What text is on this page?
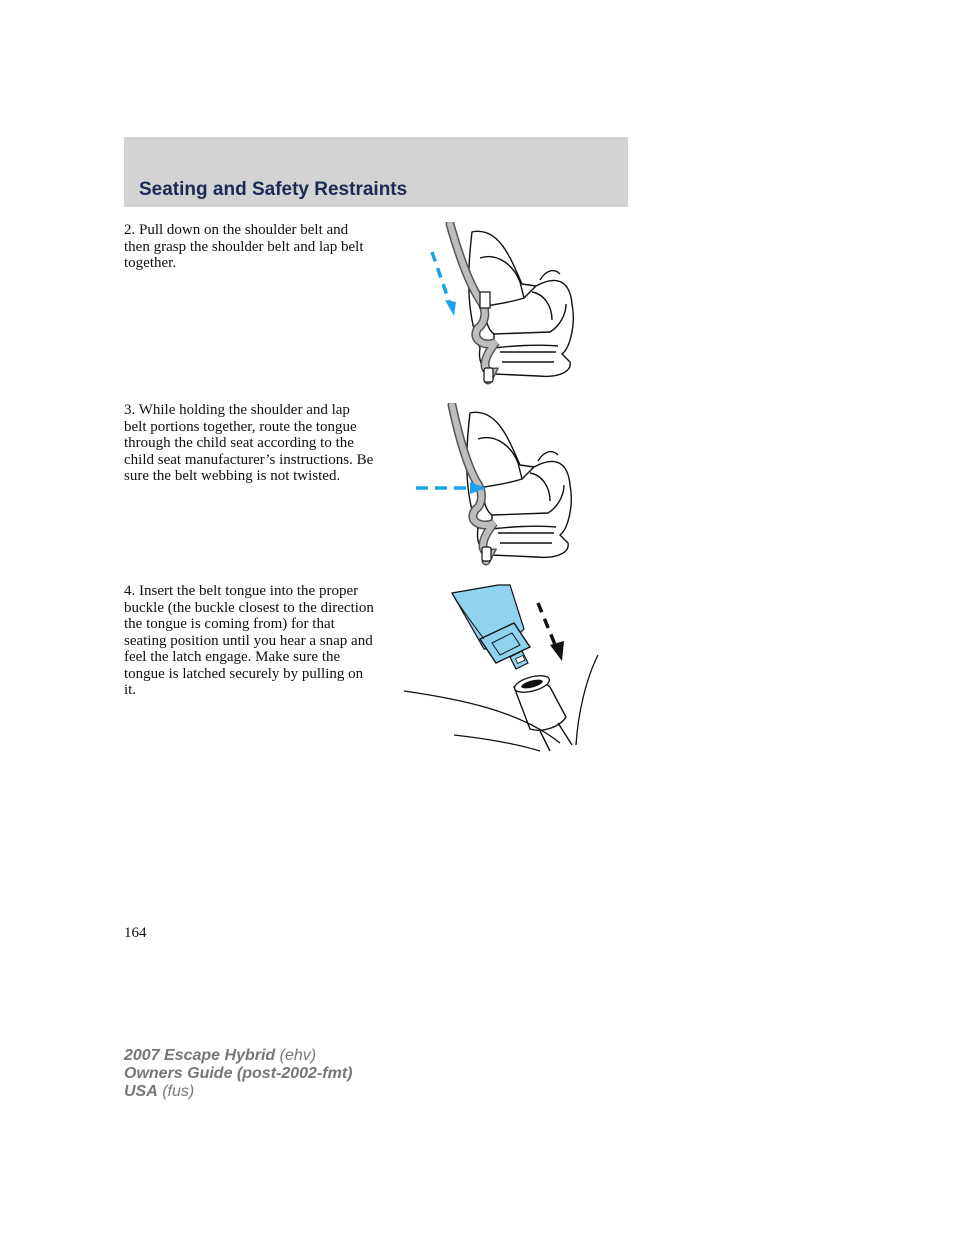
Seating and Safety Restraints

2. Pull down on the shoulder belt and then grasp the shoulder belt and lap belt together.

3. While holding the shoulder and lap belt portions together, route the tongue through the child seat according to the child seat manufacturer’s instructions. Be sure the belt webbing is not twisted.

4. Insert the belt tongue into the proper buckle (the buckle closest to the direction the tongue is coming from) for that seating position until you hear a snap and feel the latch engage. Make sure the tongue is latched securely by pulling on it.

164
2007 Escape Hybrid (ehv)
Owners Guide (post-2002-fmt)
USA (fus)
